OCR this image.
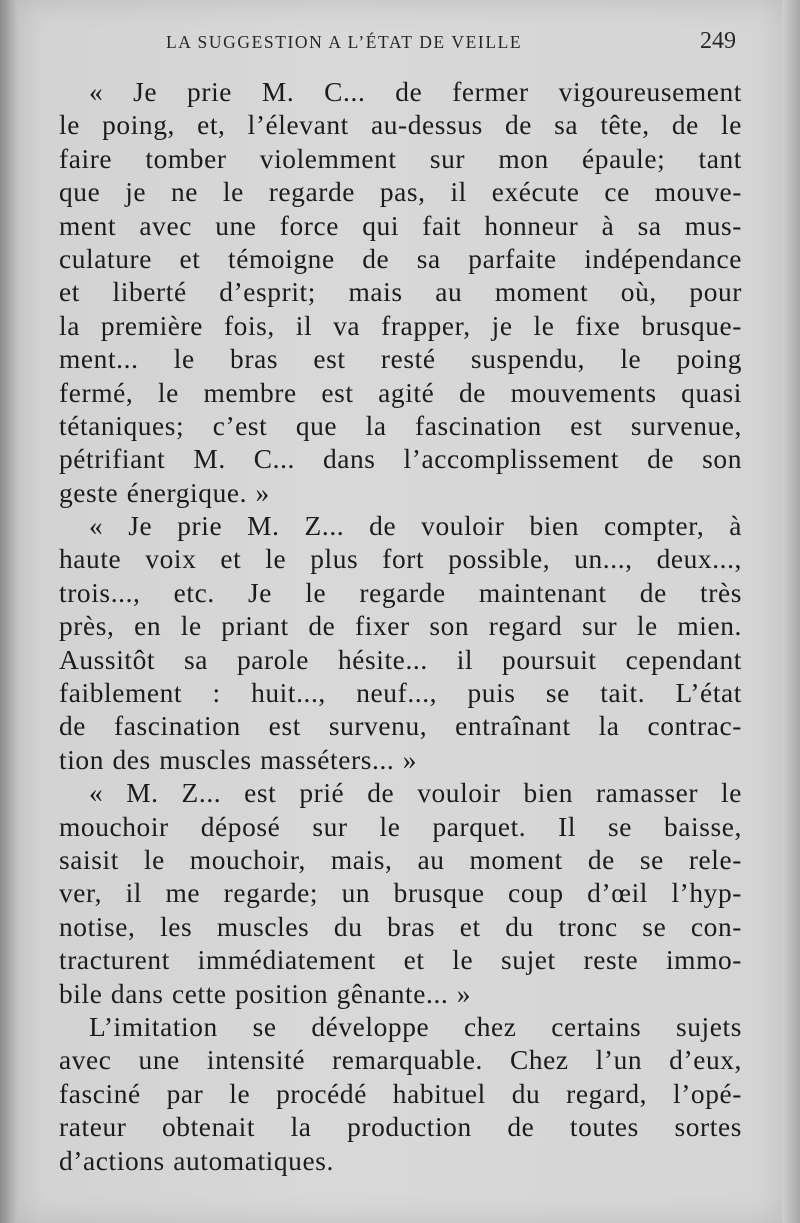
LA SUGGESTION A L’ÉTAT DE VEILLE	249
« Je prie M. C... de fermer vigoureusement
le poing, et, l’élevant au-dessus de sa tête, de le
faire tomber violemment sur mon épaule; tant
que je ne le regarde pas, il exécute ce mouve-
ment avec une force qui fait honneur à sa mus-
culature et témoigne de sa parfaite indépendance
et liberté d’esprit; mais au moment où, pour
la première fois, il va frapper, je le fixe brusque-
ment... le bras est resté suspendu, le poing
fermé, le membre est agité de mouvements quasi
tétaniques; c’est que la fascination est survenue,
pétrifiant M. C... dans l’accomplissement de son
geste énergique. »
« Je prie M. Z... de vouloir bien compter, à
haute voix et le plus fort possible, un..., deux...,
trois..., etc. Je le regarde maintenant de très
près, en le priant de fixer son regard sur le mien.
Aussitôt sa parole hésite... il poursuit cependant
faiblement : huit..., neuf..., puis se tait. L’état
de fascination est survenu, entraînant la contrac-
tion des muscles masséters... »
« M. Z... est prié de vouloir bien ramasser le
mouchoir déposé sur le parquet. Il se baisse,
saisit le mouchoir, mais, au moment de se rele-
ver, il me regarde; un brusque coup d’œil l’hyp-
notise, les muscles du bras et du tronc se con-
tracturent immédiatement et le sujet reste immo-
bile dans cette position gênante... »
L’imitation se développe chez certains sujets
avec une intensité remarquable. Chez l’un d’eux,
fasciné par le procédé habituel du regard, l’opé-
rateur obtenait la production de toutes sortes
d’actions automatiques.
